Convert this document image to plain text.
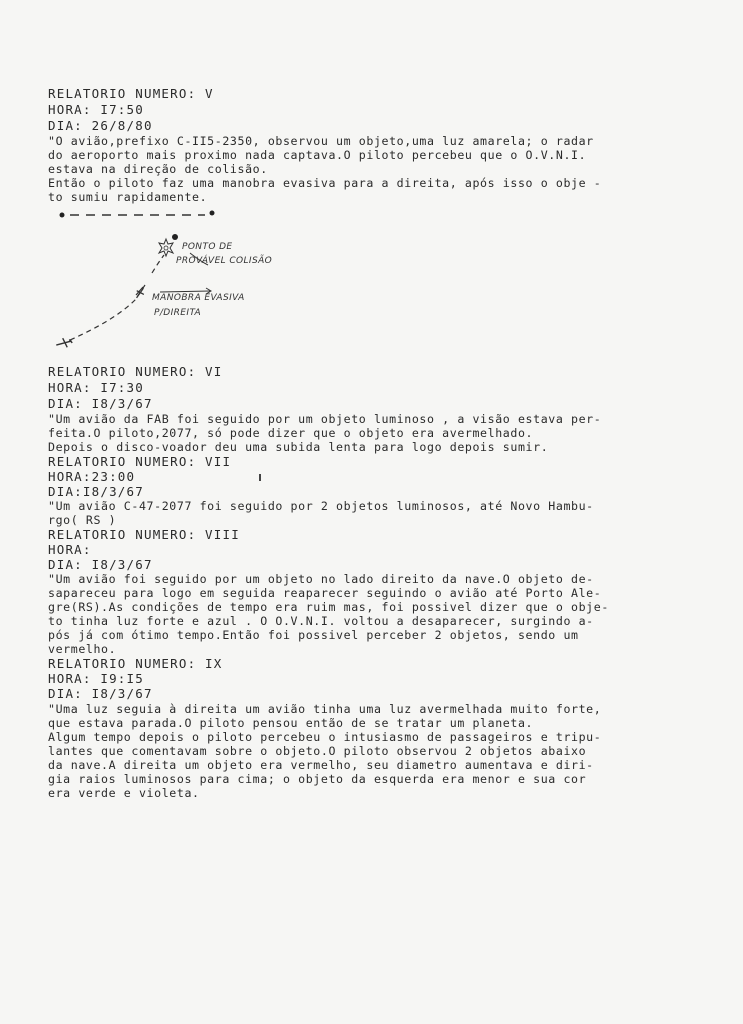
RELATORIO NUMERO: V
HORA: I7:50
DIA: 26/8/80
"O avião,prefixo C-II5-2350, observou um objeto,uma luz amarela; o radar
do aeroporto mais proximo nada captava.O piloto percebeu que o O.V.N.I.
estava na direção de colisão.
Então o piloto faz uma manobra evasiva para a direita, após isso o obje -
to sumiu rapidamente.
PONTO DE
PROVÁVEL COLISÃO
MANOBRA EVASIVA
P/DIREITA
RELATORIO NUMERO: VI
HORA: I7:30
DIA: I8/3/67
"Um avião da FAB foi seguido por um objeto luminoso , a visão estava per-
feita.O piloto,2077, só pode dizer que o objeto era avermelhado.
Depois o disco-voador deu uma subida lenta para logo depois sumir.
RELATORIO NUMERO: VII
HORA:23:00
DIA:I8/3/67
"Um avião C-47-2077 foi seguido por 2 objetos luminosos, até Novo Hambu-
rgo( RS )
RELATORIO NUMERO: VIII
HORA:
DIA: I8/3/67
"Um avião foi seguido por um objeto no lado direito da nave.O objeto de-
sapareceu para logo em seguida reaparecer seguindo o avião até Porto Ale-
gre(RS).As condições de tempo era ruim mas, foi possivel dizer que o obje-
to tinha luz forte e azul . O O.V.N.I. voltou a desaparecer, surgindo a-
pós já com ótimo tempo.Então foi possivel perceber 2 objetos, sendo um
vermelho.
RELATORIO NUMERO: IX
HORA: I9:I5
DIA: I8/3/67
"Uma luz seguia à direita um avião tinha uma luz avermelhada muito forte,
que estava parada.O piloto pensou então de se tratar um planeta.
Algum tempo depois o piloto percebeu o intusiasmo de passageiros e tripu-
lantes que comentavam sobre o objeto.O piloto observou 2 objetos abaixo
da nave.A direita um objeto era vermelho, seu diametro aumentava e diri-
gia raios luminosos para cima; o objeto da esquerda era menor e sua cor
era verde e violeta.
